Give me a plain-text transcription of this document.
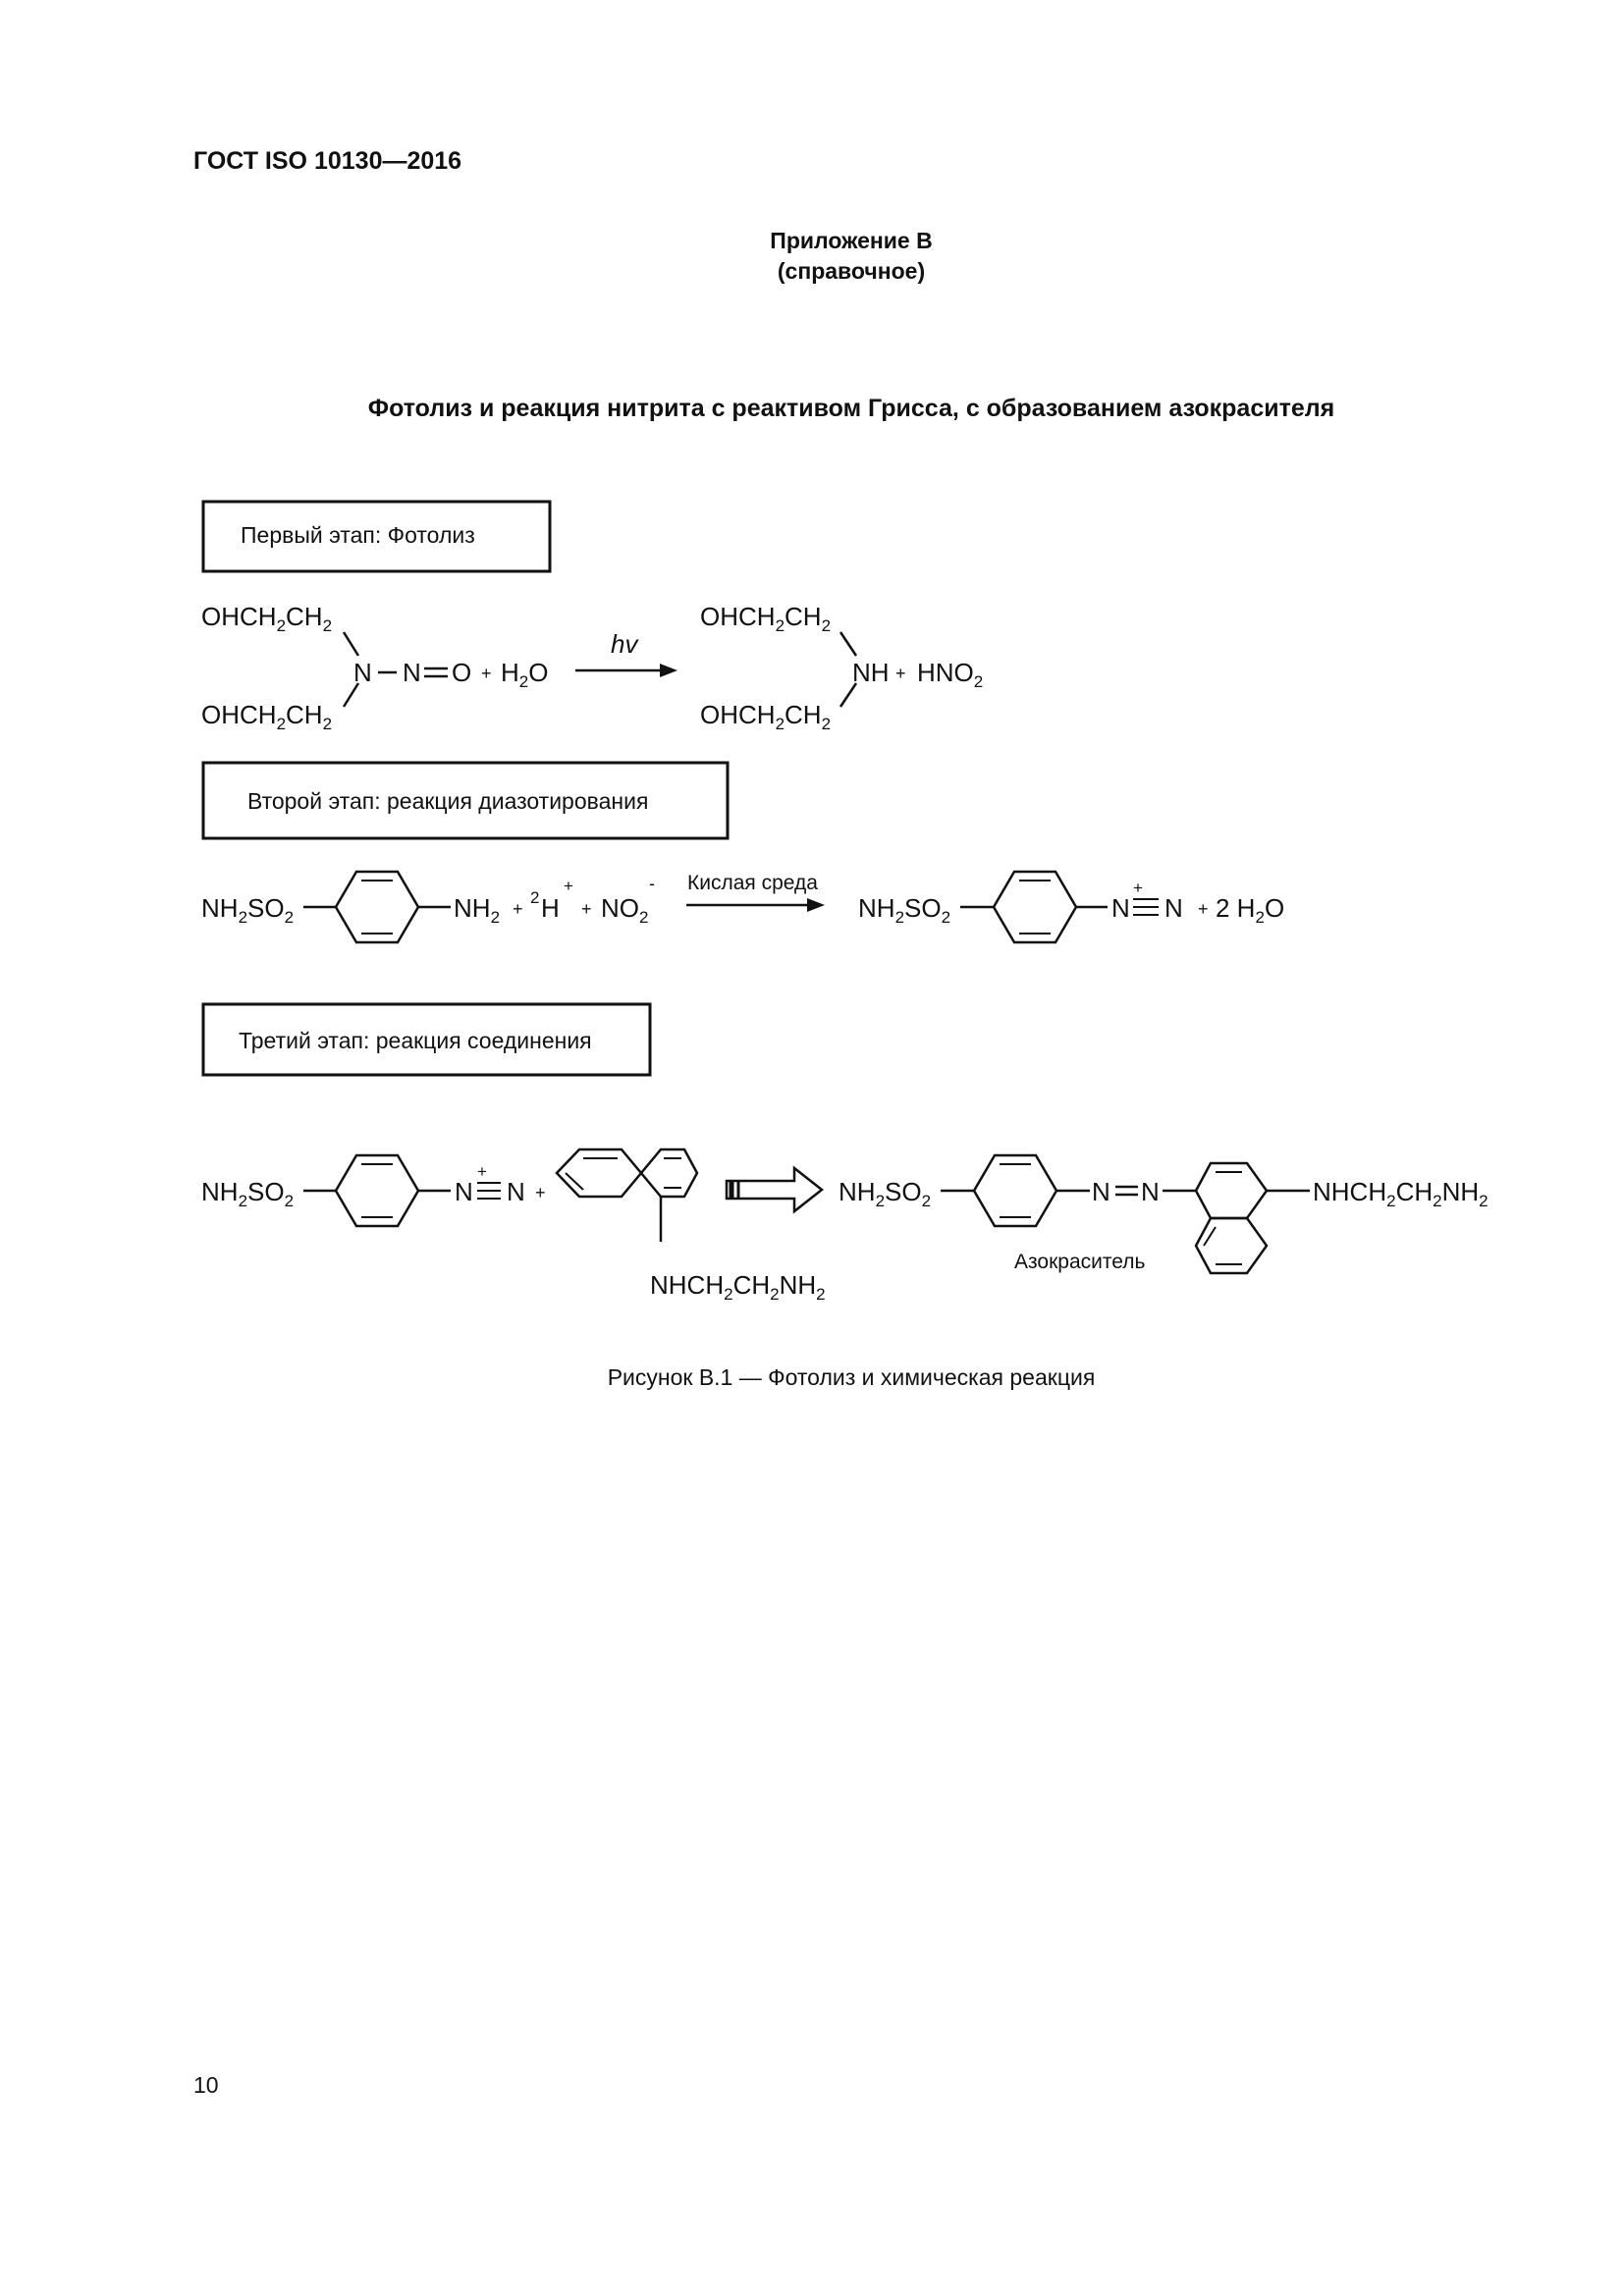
ГОСТ ISO 10130—2016
Приложение В
(справочное)
Фотолиз и реакция нитрита с реактивом Грисса, с образованием азокрасителя
Первый этап: Фотолиз
$OHCH_2CH_2$
$OHCH_2CH_2$
N N $O + H_2O$
hv
$OHCH_2CH_2$
$OHCH_2CH_2$
NH + $HNO_2$
Второй этап: реакция диазотирования
$NH_2SO_2$	$NH_2$ +
2 H
+
+ $NO_2$
- Кислая среда
$NH_2SO_2$	N
+
N + 2 $H_2O$
Третий этап: реакция соединения
$NH_2SO_2$	N
+
N +
$NHCH_2CH_2NH_2$
$NH_2SO_2$	N N	$NHCH_2CH_2NH_2$
Азокраситель
Рисунок В.1 — Фотолиз и химическая реакция
10
